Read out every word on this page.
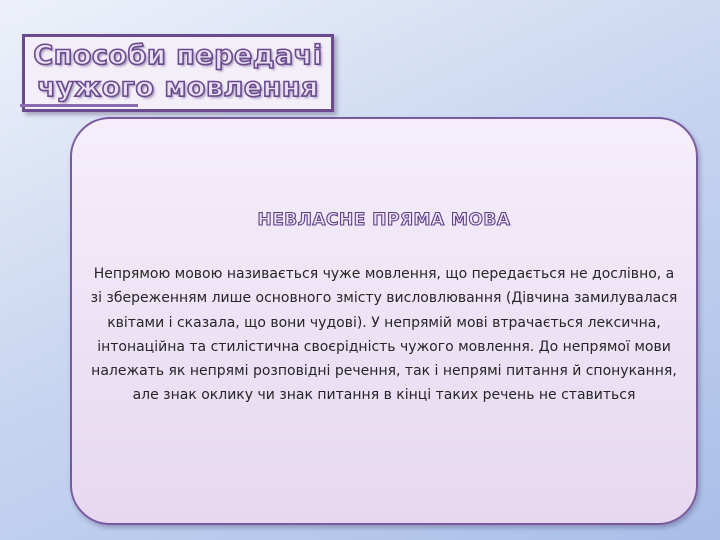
Способи передачі чужого мовлення
НЕВЛАСНЕ ПРЯМА МОВА

Непрямою мовою називається чуже мовлення, що передається не дослівно, а зі збереженням лише основного змісту висловлювання (Дівчина замилувалася квітами і сказала, що вони чудові). У непрямій мові втрачається лексична, інтонаційна та стилістична своєрідність чужого мовлення. До непрямої мови належать як непрямі розповідні речення, так і непрямі питання й спонукання, але знак оклику чи знак питання в кінці таких речень не ставиться
